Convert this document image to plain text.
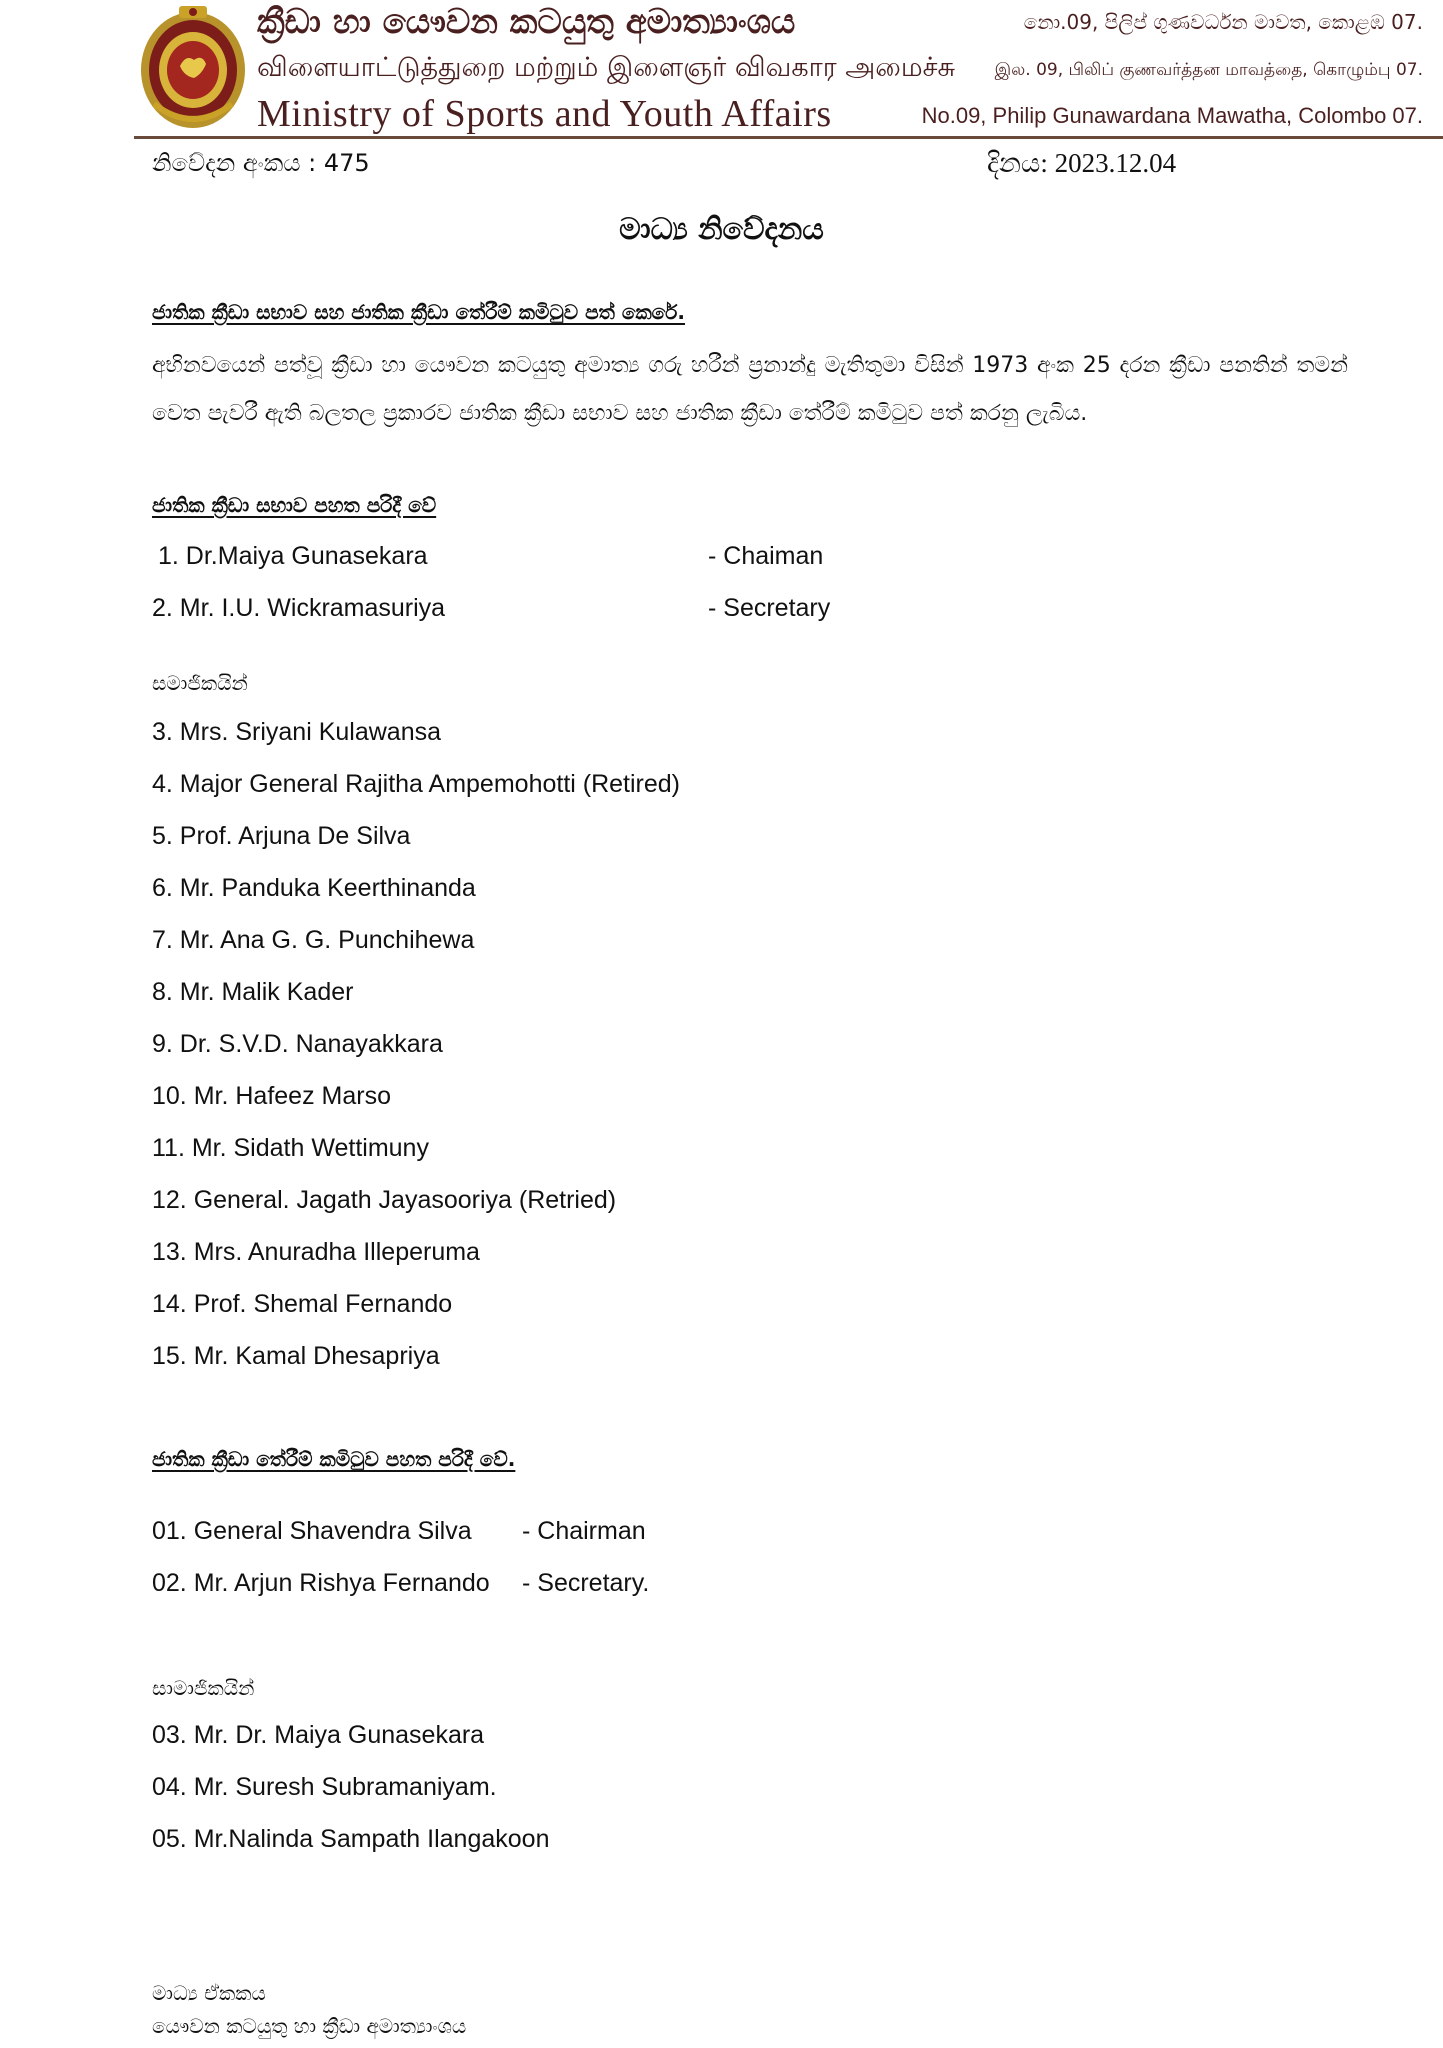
ක්‍රීඩා හා යෞවන කටයුතු අමාත්‍යාංශය
விளையாட்டுத்துறை மற்றும் இளைஞர் விவகார அமைச்சு
Ministry of Sports and Youth Affairs
නො.09, පිලිප් ගුණවර්ධන මාවත, කොළඹ 07.
இல. 09, பிலிப் குணவர்த்தன மாவத்தை, கொழும்பு 07.
No.09, Philip Gunawardana Mawatha, Colombo 07.
නිවේදන අංකය : 475	දිනය: 2023.12.04
මාධ්‍ය නිවේදනය
ජාතික ක්‍රීඩා සභාව සහ ජාතික ක්‍රීඩා තේරීම් කමිටුව පත් කෙරේ.
අභිනවයෙන් පත්වූ ක්‍රීඩා හා යෞවන කටයුතු අමාත්‍ය ගරු හරීන් ප්‍රනාන්දු මැතිතුමා විසින් 1973 අංක 25 දරන ක්‍රීඩා පනතින් තමන් වෙත පැවරී ඇති බලතල ප්‍රකාරව ජාතික ක්‍රීඩා සභාව සහ ජාතික ක්‍රීඩා තේරීම් කමිටුව පත් කරනු ලැබිය.
ජාතික ක්‍රීඩා සභාව පහත පරිදී වේ
1. Dr.Maiya Gunasekara	- Chaiman
2. Mr. I.U. Wickramasuriya	- Secretary
සමාජිකයින්
3. Mrs. Sriyani Kulawansa
4. Major General Rajitha Ampemohotti (Retired)
5. Prof. Arjuna De Silva
6. Mr. Panduka Keerthinanda
7. Mr. Ana G. G. Punchihewa
8. Mr. Malik Kader
9. Dr. S.V.D. Nanayakkara
10. Mr. Hafeez Marso
11. Mr. Sidath Wettimuny
12. General. Jagath Jayasooriya (Retried)
13. Mrs. Anuradha Illeperuma
14. Prof. Shemal Fernando
15. Mr. Kamal Dhesapriya
ජාතික ක්‍රීඩා තේරීම් කමිටුව පහත පරිදී වේ.
01. General Shavendra Silva - Chairman
02. Mr. Arjun Rishya Fernando - Secretary.
සාමාජිකයින්
03. Mr. Dr. Maiya Gunasekara
04. Mr. Suresh Subramaniyam.
05. Mr.Nalinda Sampath Ilangakoon
මාධ්‍ය ඒකකය
යෞවන කටයුතු හා ක්‍රීඩා අමාත්‍යාංශය
